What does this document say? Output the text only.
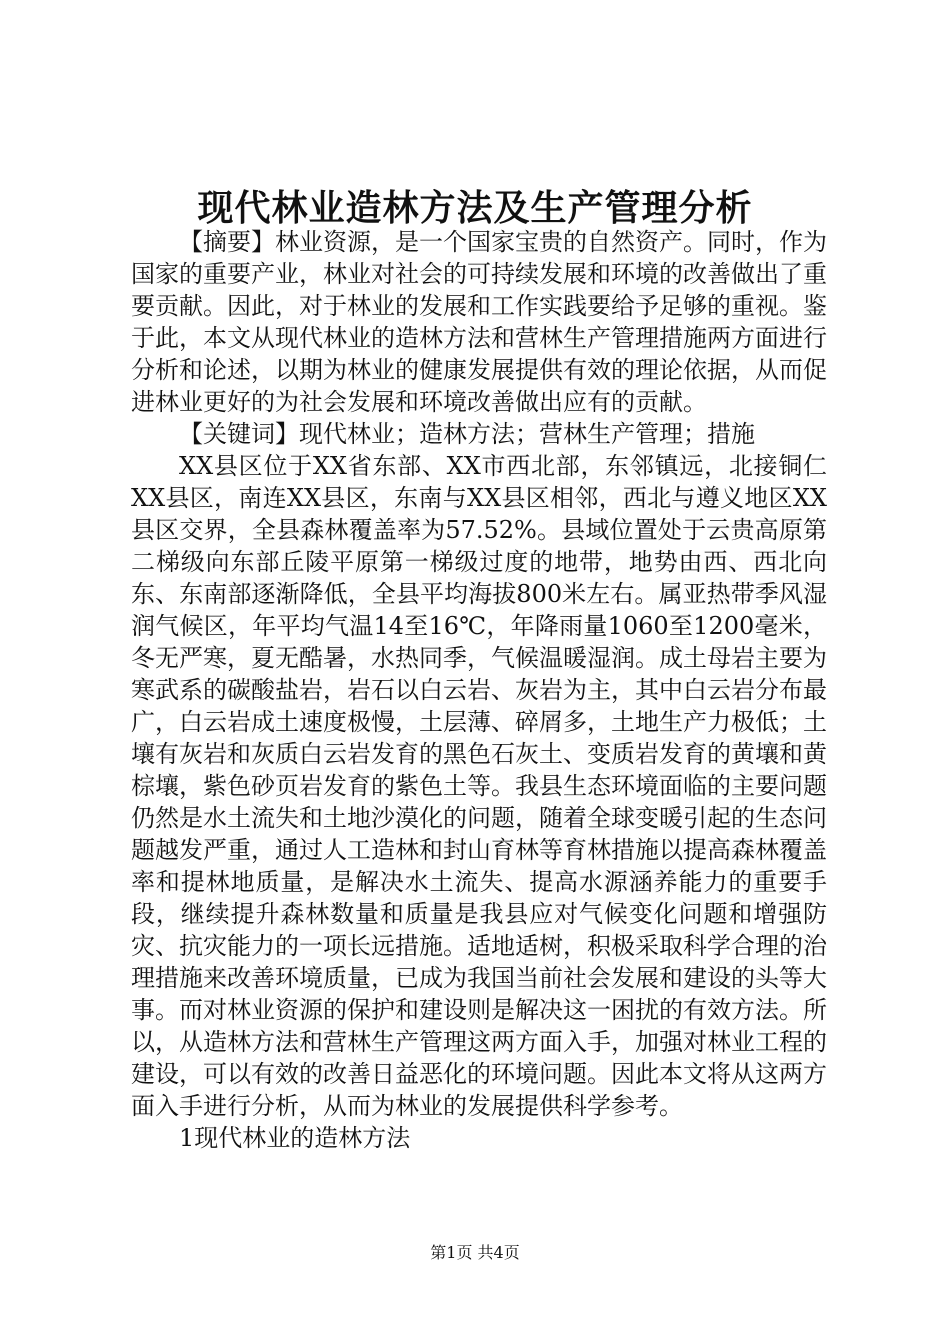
现代林业造林方法及生产管理分析

【摘要】林业资源，是一个国家宝贵的自然资产。同时，作为国家的重要产业，林业对社会的可持续发展和环境的改善做出了重要贡献。因此，对于林业的发展和工作实践要给予足够的重视。鉴于此，本文从现代林业的造林方法和营林生产管理措施两方面进行分析和论述，以期为林业的健康发展提供有效的理论依据，从而促进林业更好的为社会发展和环境改善做出应有的贡献。

【关键词】现代林业；造林方法；营林生产管理；措施

XX县区位于XX省东部、XX市西北部，东邻镇远，北接铜仁XX县区，南连XX县区，东南与XX县区相邻，西北与遵义地区XX县区交界，全县森林覆盖率为57.52%。县域位置处于云贵高原第二梯级向东部丘陵平原第一梯级过度的地带，地势由西、西北向东、东南部逐渐降低，全县平均海拔800米左右。属亚热带季风湿润气候区，年平均气温14至16℃，年降雨量1060至1200毫米，冬无严寒，夏无酷暑，水热同季，气候温暖湿润。成土母岩主要为寒武系的碳酸盐岩，岩石以白云岩、灰岩为主，其中白云岩分布最广，白云岩成土速度极慢，土层薄、碎屑多，土地生产力极低；土壤有灰岩和灰质白云岩发育的黑色石灰土、变质岩发育的黄壤和黄棕壤，紫色砂页岩发育的紫色土等。我县生态环境面临的主要问题仍然是水土流失和土地沙漠化的问题，随着全球变暖引起的生态问题越发严重，通过人工造林和封山育林等育林措施以提高森林覆盖率和提林地质量，是解决水土流失、提高水源涵养能力的重要手段，继续提升森林数量和质量是我县应对气候变化问题和增强防灾、抗灾能力的一项长远措施。适地适树，积极采取科学合理的治理措施来改善环境质量，已成为我国当前社会发展和建设的头等大事。而对林业资源的保护和建设则是解决这一困扰的有效方法。所以，从造林方法和营林生产管理这两方面入手，加强对林业工程的建设，可以有效的改善日益恶化的环境问题。因此本文将从这两方面入手进行分析，从而为林业的发展提供科学参考。

1现代林业的造林方法

第1页 共4页
